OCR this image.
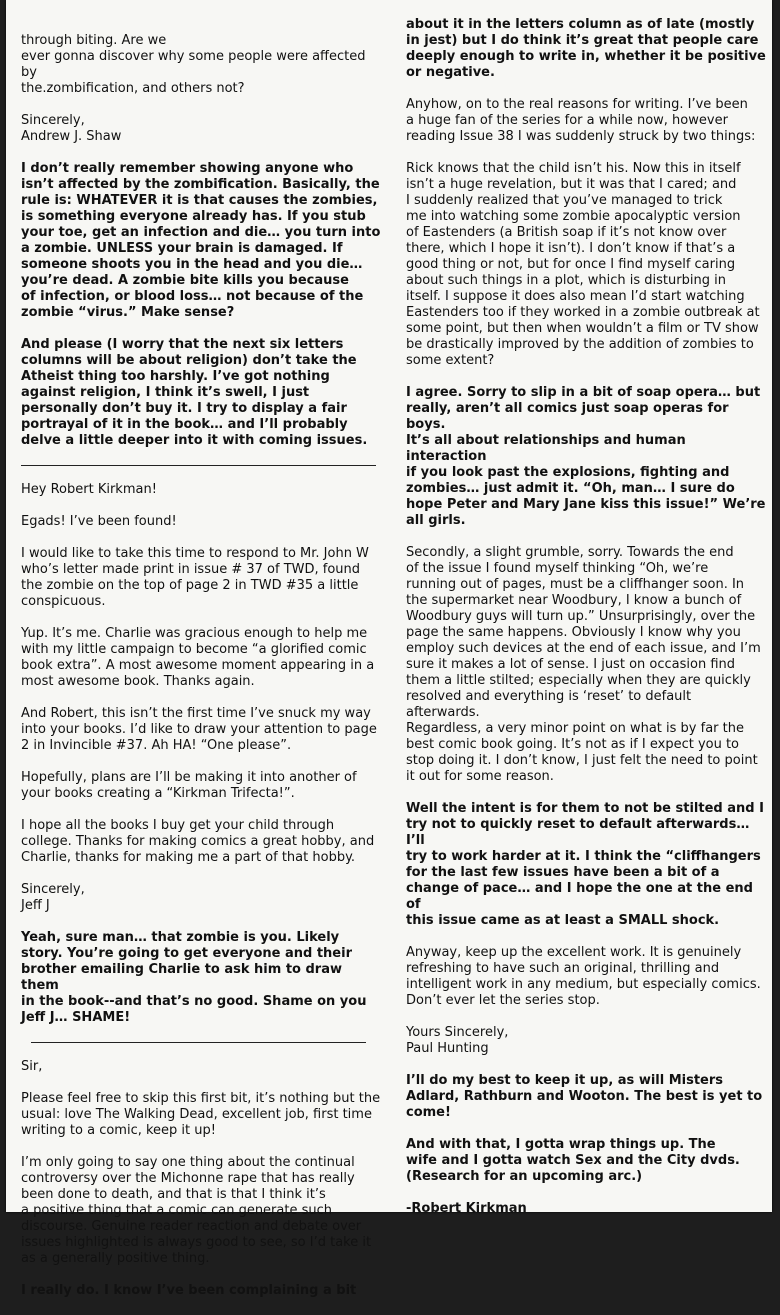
through biting. Are we
ever gonna discover why some people were affected by
the.zombification, and others not?

Sincerely,
Andrew J. Shaw

I don’t really remember showing anyone who
isn’t affected by the zombification. Basically, the
rule is: WHATEVER it is that causes the zombies,
is something everyone already has. If you stub
your toe, get an infection and die… you turn into
a zombie. UNLESS your brain is damaged. If
someone shoots you in the head and you die…
you’re dead. A zombie bite kills you because
of infection, or blood loss… not because of the
zombie “virus.” Make sense?

And please (I worry that the next six letters
columns will be about religion) don’t take the
Atheist thing too harshly. I’ve got nothing
against religion, I think it’s swell, I just
personally don’t buy it. I try to display a fair
portrayal of it in the book… and I’ll probably
delve a little deeper into it with coming issues.

Hey Robert Kirkman!

Egads! I’ve been found!

I would like to take this time to respond to Mr. John W
who’s letter made print in issue # 37 of TWD, found
the zombie on the top of page 2 in TWD #35 a little
conspicuous.

Yup. It’s me. Charlie was gracious enough to help me
with my little campaign to become “a glorified comic
book extra”. A most awesome moment appearing in a
most awesome book. Thanks again.

And Robert, this isn’t the first time I’ve snuck my way
into your books. I’d like to draw your attention to page
2 in Invincible #37. Ah HA! “One please”.

Hopefully, plans are I’ll be making it into another of
your books creating a “Kirkman Trifecta!”.

I hope all the books I buy get your child through
college. Thanks for making comics a great hobby, and
Charlie, thanks for making me a part of that hobby.

Sincerely,
Jeff J

Yeah, sure man… that zombie is you. Likely
story. You’re going to get everyone and their
brother emailing Charlie to ask him to draw them
in the book--and that’s no good. Shame on you
Jeff J… SHAME!

Sir,

Please feel free to skip this first bit, it’s nothing but the
usual: love The Walking Dead, excellent job, first time
writing to a comic, keep it up!

I’m only going to say one thing about the continual
controversy over the Michonne rape that has really
been done to death, and that is that I think it’s
a positive thing that a comic can generate such
discourse. Genuine reader reaction and debate over
issues highlighted is always good to see, so I’d take it
as a generally positive thing.

I really do. I know I’ve been complaining a bit

about it in the letters column as of late (mostly
in jest) but I do think it’s great that people care
deeply enough to write in, whether it be positive
or negative.

Anyhow, on to the real reasons for writing. I’ve been
a huge fan of the series for a while now, however
reading Issue 38 I was suddenly struck by two things:

Rick knows that the child isn’t his. Now this in itself
isn’t a huge revelation, but it was that I cared; and
I suddenly realized that you’ve managed to trick
me into watching some zombie apocalyptic version
of Eastenders (a British soap if it’s not know over
there, which I hope it isn’t). I don’t know if that’s a
good thing or not, but for once I find myself caring
about such things in a plot, which is disturbing in
itself. I suppose it does also mean I’d start watching
Eastenders too if they worked in a zombie outbreak at
some point, but then when wouldn’t a film or TV show
be drastically improved by the addition of zombies to
some extent?

I agree. Sorry to slip in a bit of soap opera… but
really, aren’t all comics just soap operas for boys.
It’s all about relationships and human interaction
if you look past the explosions, fighting and
zombies… just admit it. “Oh, man… I sure do
hope Peter and Mary Jane kiss this issue!” We’re
all girls.

Secondly, a slight grumble, sorry. Towards the end
of the issue I found myself thinking “Oh, we’re
running out of pages, must be a cliffhanger soon. In
the supermarket near Woodbury, I know a bunch of
Woodbury guys will turn up.” Unsurprisingly, over the
page the same happens. Obviously I know why you
employ such devices at the end of each issue, and I’m
sure it makes a lot of sense. I just on occasion find
them a little stilted; especially when they are quickly
resolved and everything is ‘reset’ to default afterwards.
Regardless, a very minor point on what is by far the
best comic book going. It’s not as if I expect you to
stop doing it. I don’t know, I just felt the need to point
it out for some reason.

Well the intent is for them to not be stilted and I
try not to quickly reset to default afterwards… I’ll
try to work harder at it. I think the “cliffhangers
for the last few issues have been a bit of a
change of pace… and I hope the one at the end of
this issue came as at least a SMALL shock.

Anyway, keep up the excellent work. It is genuinely
refreshing to have such an original, thrilling and
intelligent work in any medium, but especially comics.
Don’t ever let the series stop.

Yours Sincerely,
Paul Hunting

I’ll do my best to keep it up, as will Misters
Adlard, Rathburn and Wooton. The best is yet to
come!

And with that, I gotta wrap things up. The
wife and I gotta watch Sex and the City dvds.
(Research for an upcoming arc.)

-Robert Kirkman
